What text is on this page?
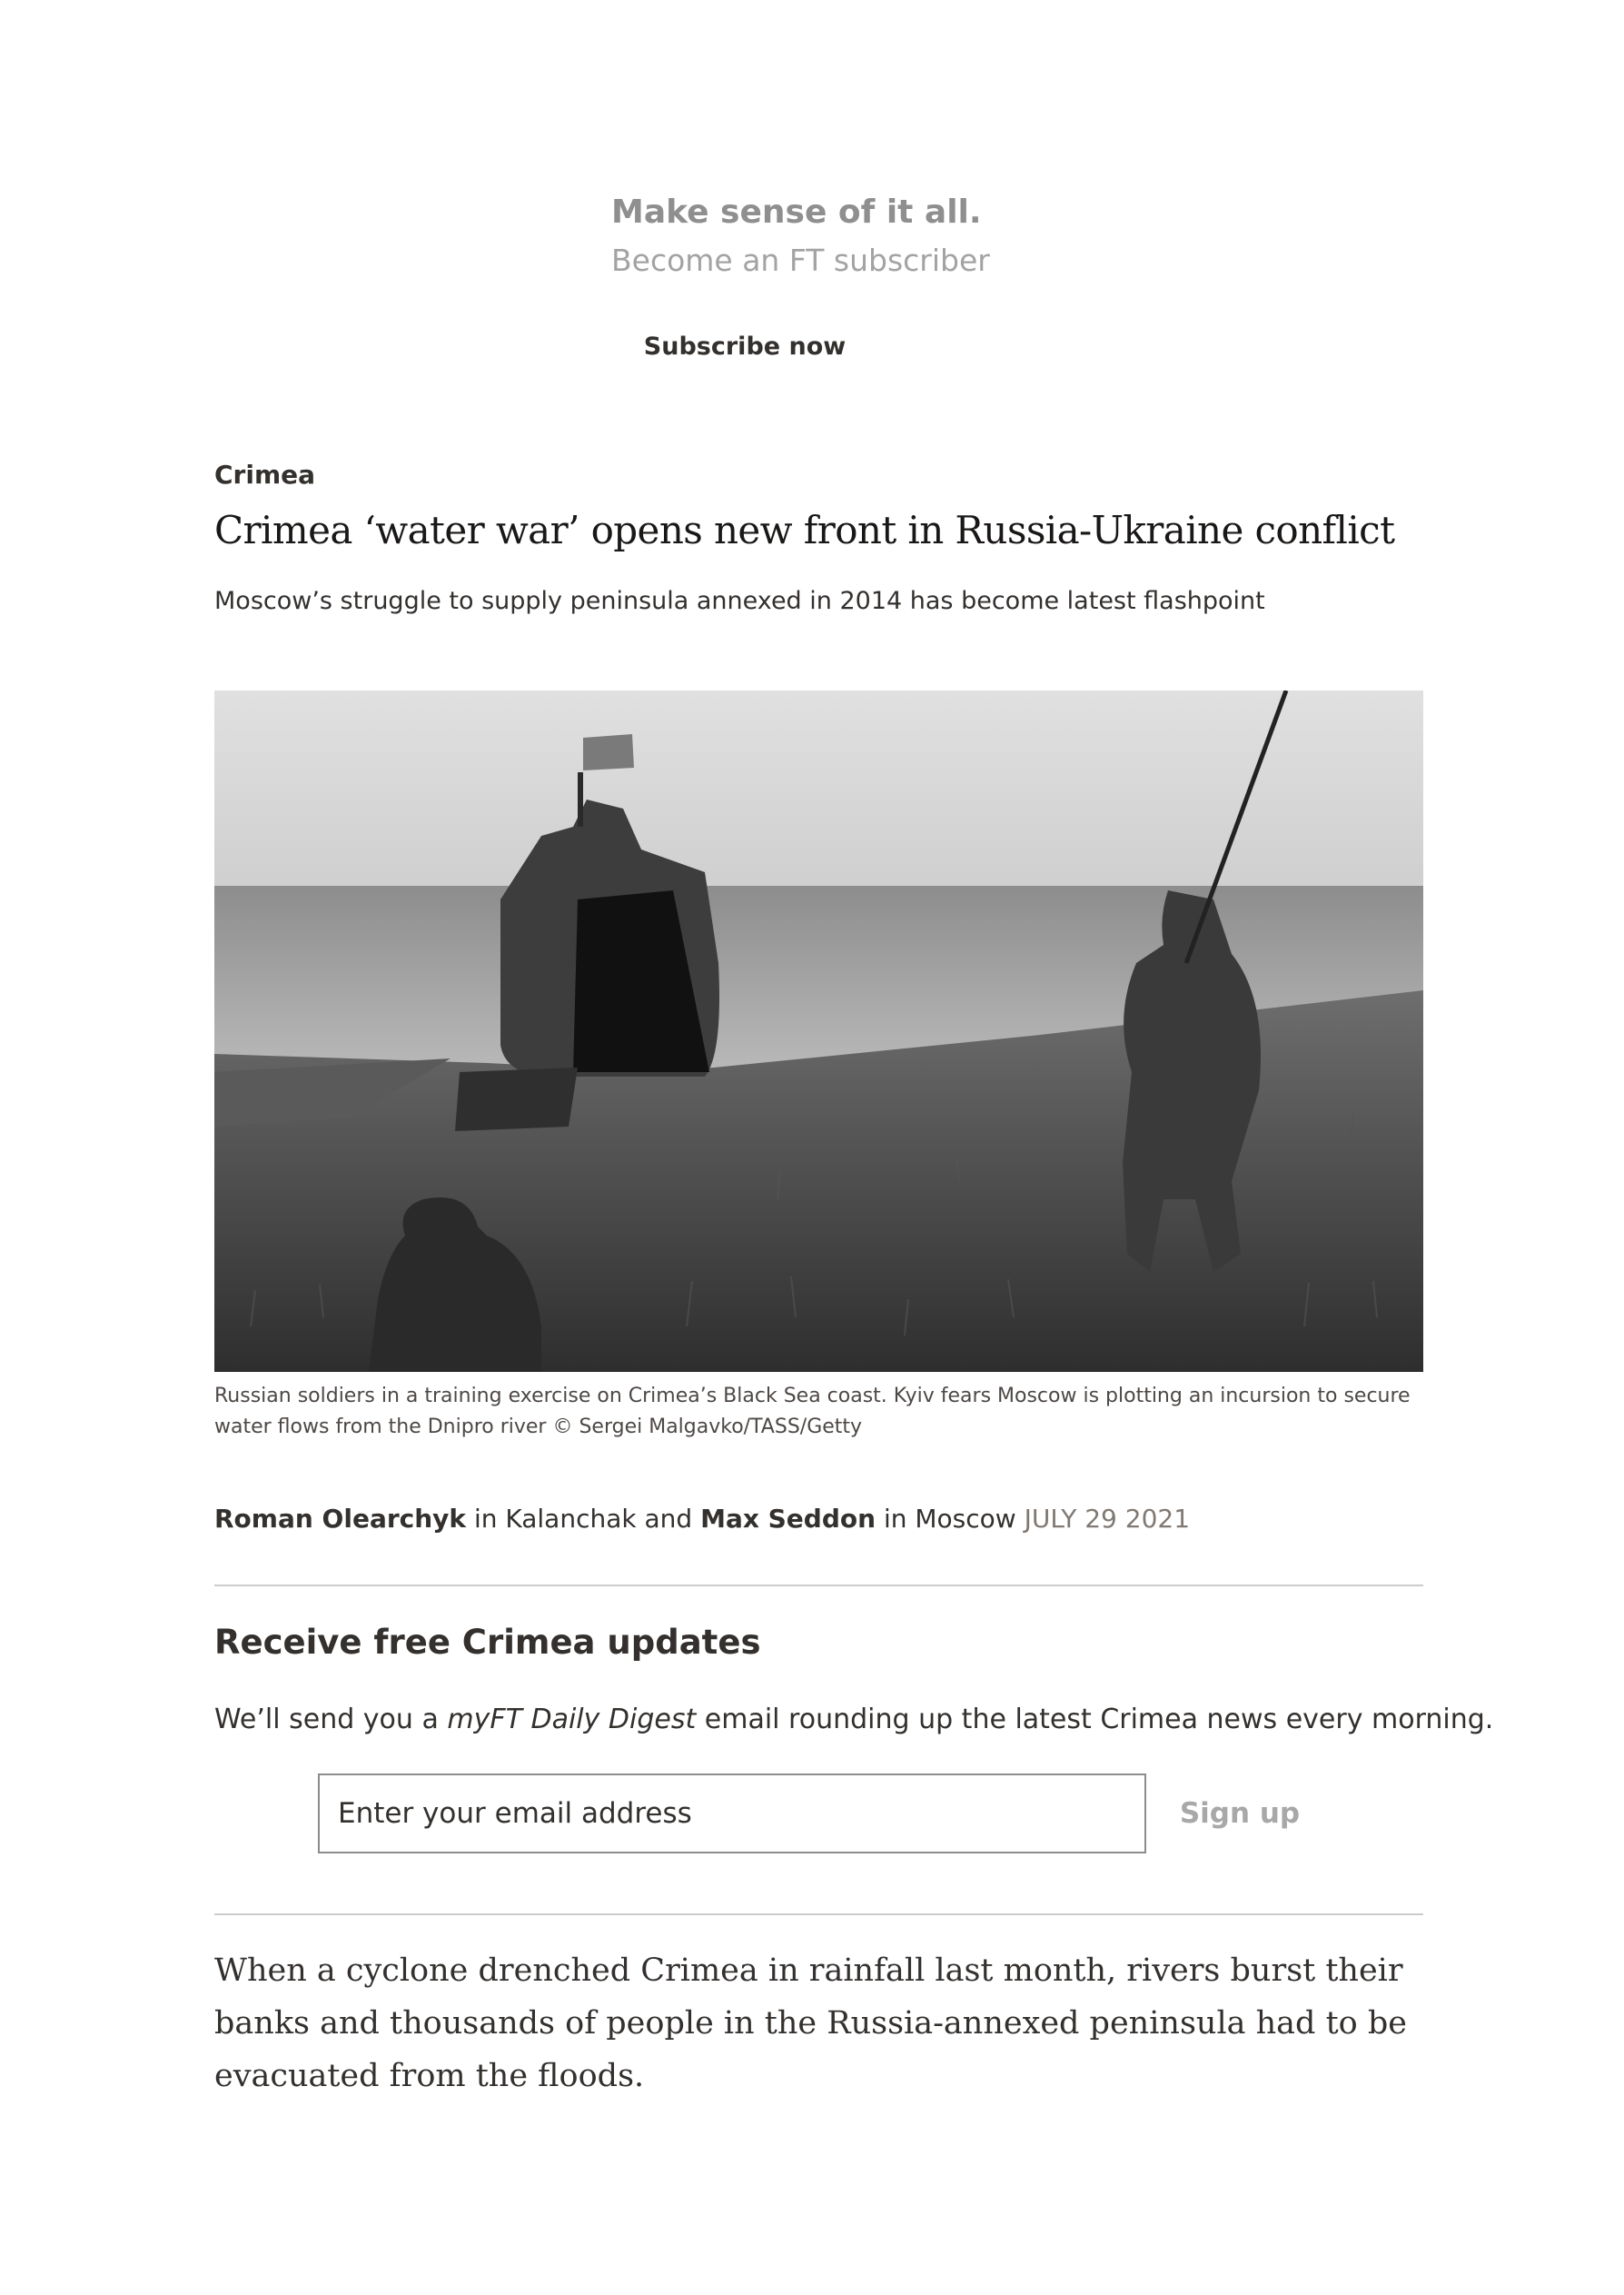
Make sense of it all.
Become an FT subscriber
Subscribe now
Crimea
Crimea ‘water war’ opens new front in Russia-Ukraine conflict
Moscow’s struggle to supply peninsula annexed in 2014 has become latest flashpoint
Russian soldiers in a training exercise on Crimea’s Black Sea coast. Kyiv fears Moscow is plotting an incursion to secure water flows from the Dnipro river © Sergei Malgavko/TASS/Getty
Roman Olearchyk in Kalanchak and Max Seddon in Moscow JULY 29 2021
Receive free Crimea updates
We’ll send you a myFT Daily Digest email rounding up the latest Crimea news every morning.
Enter your email address	Sign up
When a cyclone drenched Crimea in rainfall last month, rivers burst their banks and thousands of people in the Russia-annexed peninsula had to be evacuated from the floods.
